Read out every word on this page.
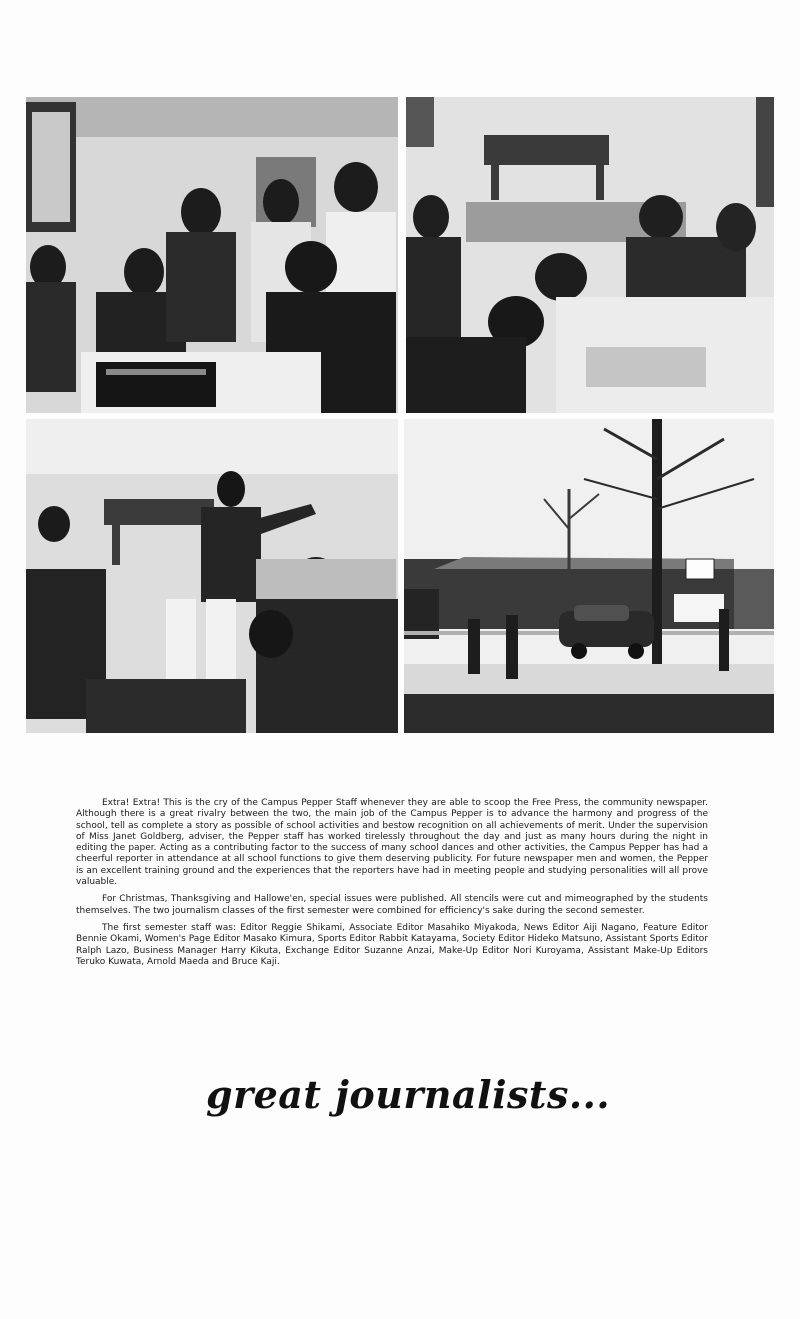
Extra! Extra! This is the cry of the Campus Pepper Staff whenever they are able to scoop the Free Press, the community newspaper. Although there is a great rivalry between the two, the main job of the Campus Pepper is to advance the harmony and progress of the school, tell as complete a story as possible of school activities and bestow recognition on all achievements of merit. Under the supervision of Miss Janet Goldberg, adviser, the Pepper staff has worked tirelessly throughout the day and just as many hours during the night in editing the paper. Acting as a contributing factor to the success of many school dances and other activities, the Campus Pepper has had a cheerful reporter in attendance at all school functions to give them deserving publicity. For future newspaper men and women, the Pepper is an excellent training ground and the experiences that the reporters have had in meeting people and studying personalities will all prove valuable.

For Christmas, Thanksgiving and Hallowe'en, special issues were published. All stencils were cut and mimeographed by the students themselves. The two journalism classes of the first semester were combined for efficiency's sake during the second semester.

The first semester staff was: Editor Reggie Shikami, Associate Editor Masahiko Miyakoda, News Editor Aiji Nagano, Feature Editor Bennie Okami, Women's Page Editor Masako Kimura, Sports Editor Rabbit Katayama, Society Editor Hideko Matsuno, Assistant Sports Editor Ralph Lazo, Business Manager Harry Kikuta, Exchange Editor Suzanne Anzai, Make-Up Editor Nori Kuroyama, Assistant Make-Up Editors Teruko Kuwata, Arnold Maeda and Bruce Kaji.

great journalists...
